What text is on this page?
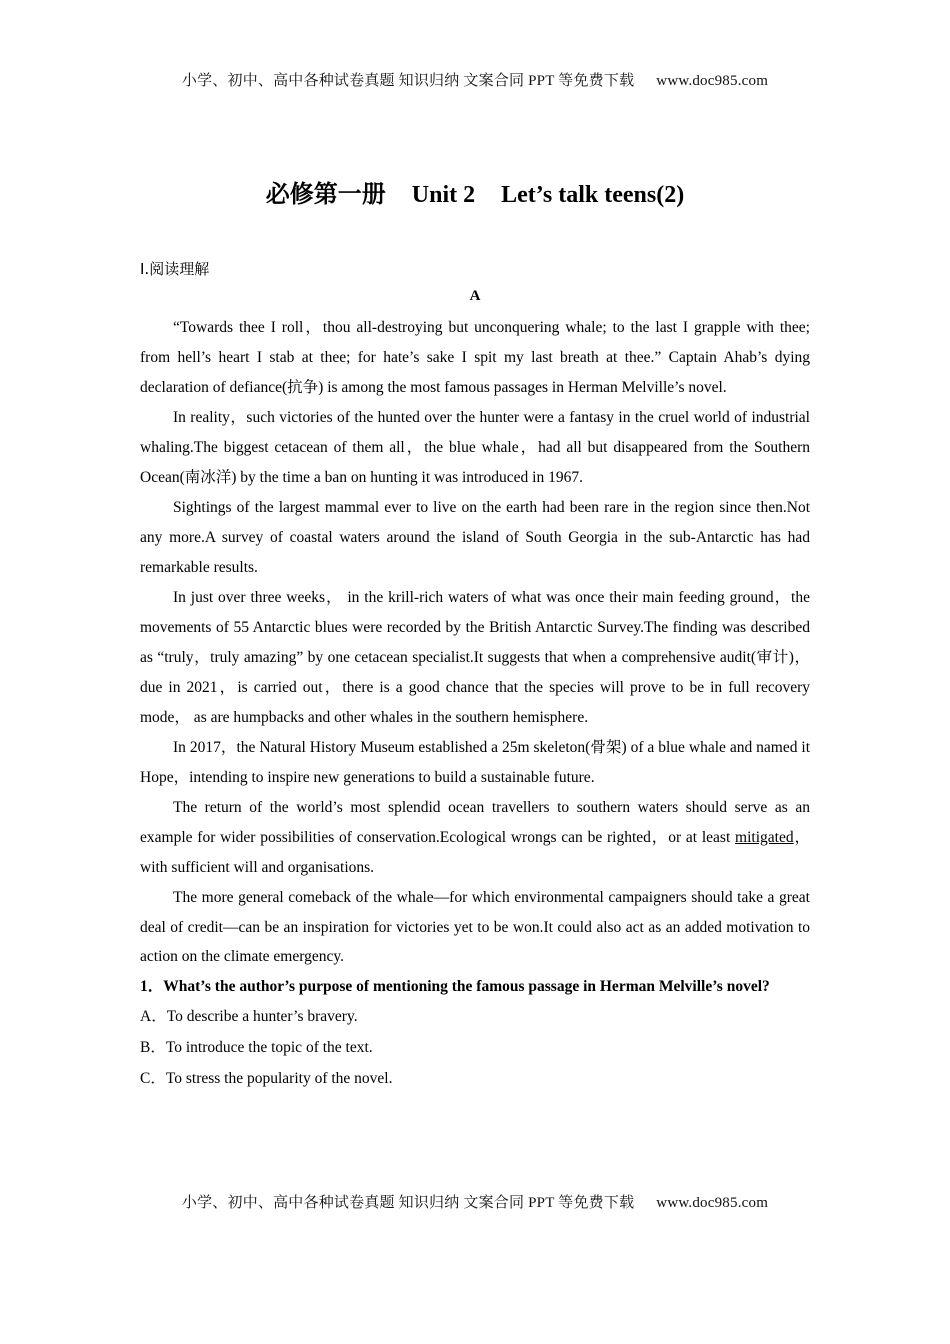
小学、初中、高中各种试卷真题 知识归纳 文案合同 PPT 等免费下载 www.doc985.com
必修第一册 Unit 2 Let’s talk teens(2)
Ⅰ.阅读理解
A

“Towards thee I roll，thou all-destroying but unconquering whale; to the last I grapple with thee; from hell’s heart I stab at thee; for hate’s sake I spit my last breath at thee.” Captain Ahab’s dying declaration of defiance(抗争) is among the most famous passages in Herman Melville’s novel.

In reality，such victories of the hunted over the hunter were a fantasy in the cruel world of industrial whaling.The biggest cetacean of them all，the blue whale，had all but disappeared from the Southern Ocean(南冰洋) by the time a ban on hunting it was introduced in 1967.

Sightings of the largest mammal ever to live on the earth had been rare in the region since then.Not any more.A survey of coastal waters around the island of South Georgia in the sub-Antarctic has had remarkable results.

In just over three weeks， in the krill-rich waters of what was once their main feeding ground，the movements of 55 Antarctic blues were recorded by the British Antarctic Survey.The finding was described as “truly，truly amazing” by one cetacean specialist.It suggests that when a comprehensive audit(审计)，due in 2021，is carried out，there is a good chance that the species will prove to be in full recovery mode， as are humpbacks and other whales in the southern hemisphere.

In 2017，the Natural History Museum established a 25m skeleton(骨架) of a blue whale and named it Hope，intending to inspire new generations to build a sustainable future.

The return of the world’s most splendid ocean travellers to southern waters should serve as an example for wider possibilities of conservation.Ecological wrongs can be righted，or at least mitigated，with sufficient will and organisations.

The more general comeback of the whale—for which environmental campaigners should take a great deal of credit—can be an inspiration for victories yet to be won.It could also act as an added motivation to action on the climate emergency.

1．What’s the author’s purpose of mentioning the famous passage in Herman Melville’s novel?

A．To describe a hunter’s bravery.

B．To introduce the topic of the text.

C．To stress the popularity of the novel.

小学、初中、高中各种试卷真题 知识归纳 文案合同 PPT 等免费下载 www.doc985.com
